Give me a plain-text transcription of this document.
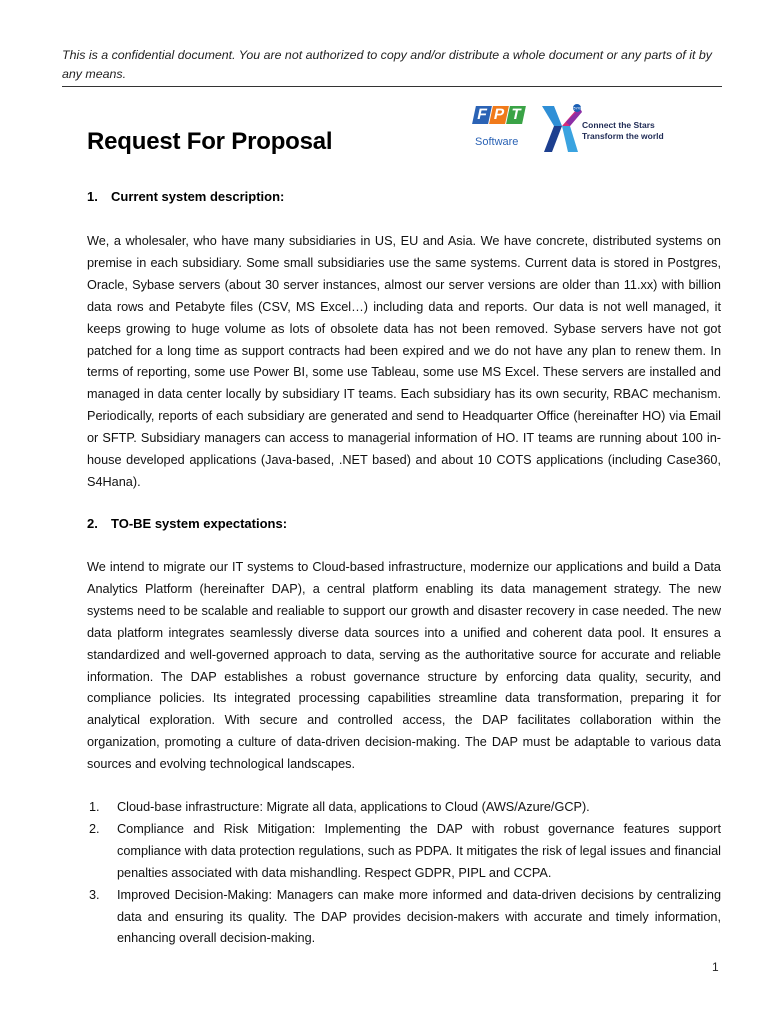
This is a confidential document. You are not authorized to copy and/or distribute a whole document or any parts of it by any means.
Request For Proposal
F P T
Software
25YRS
Connect the Stars
Transform the world
1. Current system description:
We, a wholesaler, who have many subsidiaries in US, EU and Asia. We have concrete, distributed systems on premise in each subsidiary. Some small subsidiaries use the same systems. Current data is stored in Postgres, Oracle, Sybase servers (about 30 server instances, almost our server versions are older than 11.xx) with billion data rows and Petabyte files (CSV, MS Excel…) including data and reports. Our data is not well managed, it keeps growing to huge volume as lots of obsolete data has not been removed. Sybase servers have not got patched for a long time as support contracts had been expired and we do not have any plan to renew them. In terms of reporting, some use Power BI, some use Tableau, some use MS Excel. These servers are installed and managed in data center locally by subsidiary IT teams. Each subsidiary has its own security, RBAC mechanism. Periodically, reports of each subsidiary are generated and send to Headquarter Office (hereinafter HO) via Email or SFTP. Subsidiary managers can access to managerial information of HO. IT teams are running about 100 in-house developed applications (Java-based, .NET based) and about 10 COTS applications (including Case360, S4Hana).
2. TO-BE system expectations:
We intend to migrate our IT systems to Cloud-based infrastructure, modernize our applications and build a Data Analytics Platform (hereinafter DAP), a central platform enabling its data management strategy. The new systems need to be scalable and realiable to support our growth and disaster recovery in case needed. The new data platform integrates seamlessly diverse data sources into a unified and coherent data pool. It ensures a standardized and well-governed approach to data, serving as the authoritative source for accurate and reliable information. The DAP establishes a robust governance structure by enforcing data quality, security, and compliance policies. Its integrated processing capabilities streamline data transformation, preparing it for analytical exploration. With secure and controlled access, the DAP facilitates collaboration within the organization, promoting a culture of data-driven decision-making. The DAP must be adaptable to various data sources and evolving technological landscapes.
1. Cloud-base infrastructure: Migrate all data, applications to Cloud (AWS/Azure/GCP).
2. Compliance and Risk Mitigation: Implementing the DAP with robust governance features support compliance with data protection regulations, such as PDPA. It mitigates the risk of legal issues and financial penalties associated with data mishandling. Respect GDPR, PIPL and CCPA.
3. Improved Decision-Making: Managers can make more informed and data-driven decisions by centralizing data and ensuring its quality. The DAP provides decision-makers with accurate and timely information, enhancing overall decision-making.
1
